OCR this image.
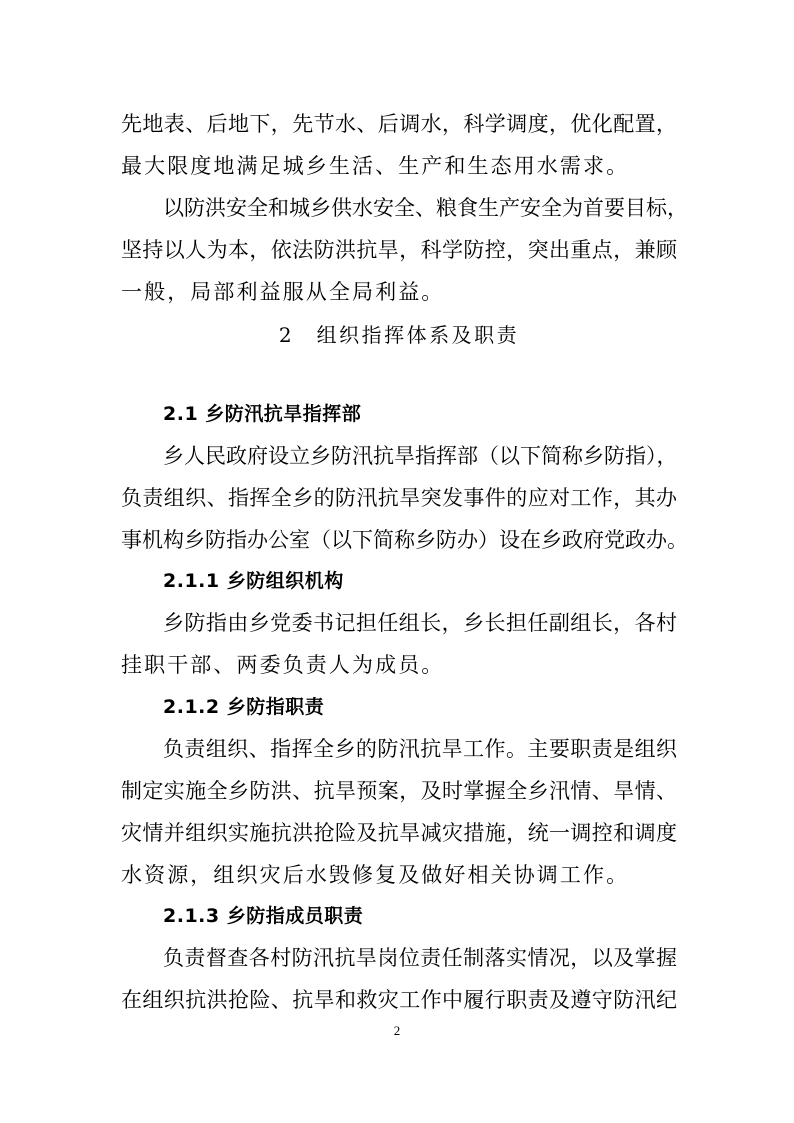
先地表、后地下，先节水、后调水，科学调度，优化配置，
最大限度地满足城乡生活、生产和生态用水需求。
以防洪安全和城乡供水安全、粮食生产安全为首要目标，
坚持以人为本，依法防洪抗旱，科学防控，突出重点，兼顾
一般，局部利益服从全局利益。
2　组织指挥体系及职责
2.1 乡防汛抗旱指挥部
乡人民政府设立乡防汛抗旱指挥部（以下简称乡防指），
负责组织、指挥全乡的防汛抗旱突发事件的应对工作，其办
事机构乡防指办公室（以下简称乡防办）设在乡政府党政办。
2.1.1 乡防组织机构
乡防指由乡党委书记担任组长，乡长担任副组长，各村
挂职干部、两委负责人为成员。
2.1.2 乡防指职责
负责组织、指挥全乡的防汛抗旱工作。主要职责是组织
制定实施全乡防洪、抗旱预案，及时掌握全乡汛情、旱情、
灾情并组织实施抗洪抢险及抗旱减灾措施，统一调控和调度
水资源，组织灾后水毁修复及做好相关协调工作。
2.1.3 乡防指成员职责
负责督查各村防汛抗旱岗位责任制落实情况，以及掌握
在组织抗洪抢险、抗旱和救灾工作中履行职责及遵守防汛纪
2
